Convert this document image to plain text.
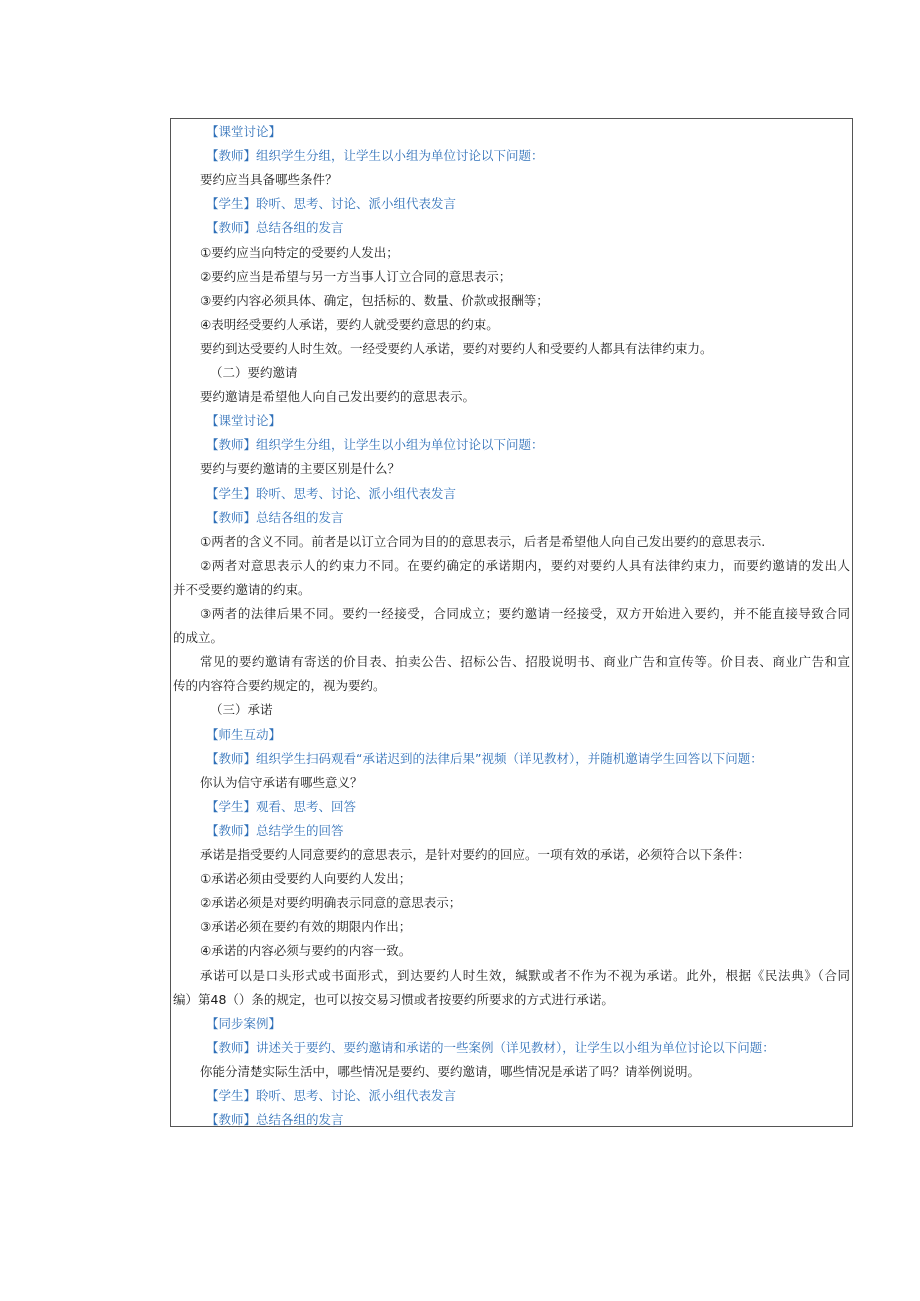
【课堂讨论】
【教师】组织学生分组，让学生以小组为单位讨论以下问题：
要约应当具备哪些条件？
【学生】聆听、思考、讨论、派小组代表发言
【教师】总结各组的发言
①要约应当向特定的受要约人发出；
②要约应当是希望与另一方当事人订立合同的意思表示；
③要约内容必须具体、确定，包括标的、数量、价款或报酬等；
④表明经受要约人承诺，要约人就受要约意思的约束。
要约到达受要约人时生效。一经受要约人承诺，要约对要约人和受要约人都具有法律约束力。
（二）要约邀请
要约邀请是希望他人向自己发出要约的意思表示。
【课堂讨论】
【教师】组织学生分组，让学生以小组为单位讨论以下问题：
要约与要约邀请的主要区别是什么？
【学生】聆听、思考、讨论、派小组代表发言
【教师】总结各组的发言
①两者的含义不同。前者是以订立合同为目的的意思表示，后者是希望他人向自己发出要约的意思表示.
②两者对意思表示人的约束力不同。在要约确定的承诺期内，要约对要约人具有法律约束力，而要约邀请的发出人
并不受要约邀请的约束。
③两者的法律后果不同。要约一经接受，合同成立；要约邀请一经接受，双方开始进入要约，并不能直接导致合同
的成立。
常见的要约邀请有寄送的价目表、拍卖公告、招标公告、招股说明书、商业广告和宣传等。价目表、商业广告和宣
传的内容符合要约规定的，视为要约。
（三）承诺
【师生互动】
【教师】组织学生扫码观看“承诺迟到的法律后果”视频（详见教材），并随机邀请学生回答以下问题：
你认为信守承诺有哪些意义？
【学生】观看、思考、回答
【教师】总结学生的回答
承诺是指受要约人同意要约的意思表示，是针对要约的回应。一项有效的承诺，必须符合以下条件：
①承诺必须由受要约人向要约人发出；
②承诺必须是对要约明确表示同意的意思表示；
③承诺必须在要约有效的期限内作出；
④承诺的内容必须与要约的内容一致。
承诺可以是口头形式或书面形式，到达要约人时生效，缄默或者不作为不视为承诺。此外，根据《民法典》（合同
编）第48（）条的规定，也可以按交易习惯或者按要约所要求的方式进行承诺。
【同步案例】
【教师】讲述关于要约、要约邀请和承诺的一些案例（详见教材），让学生以小组为单位讨论以下问题：
你能分清楚实际生活中，哪些情况是要约、要约邀请，哪些情况是承诺了吗？请举例说明。
【学生】聆听、思考、讨论、派小组代表发言
【教师】总结各组的发言
